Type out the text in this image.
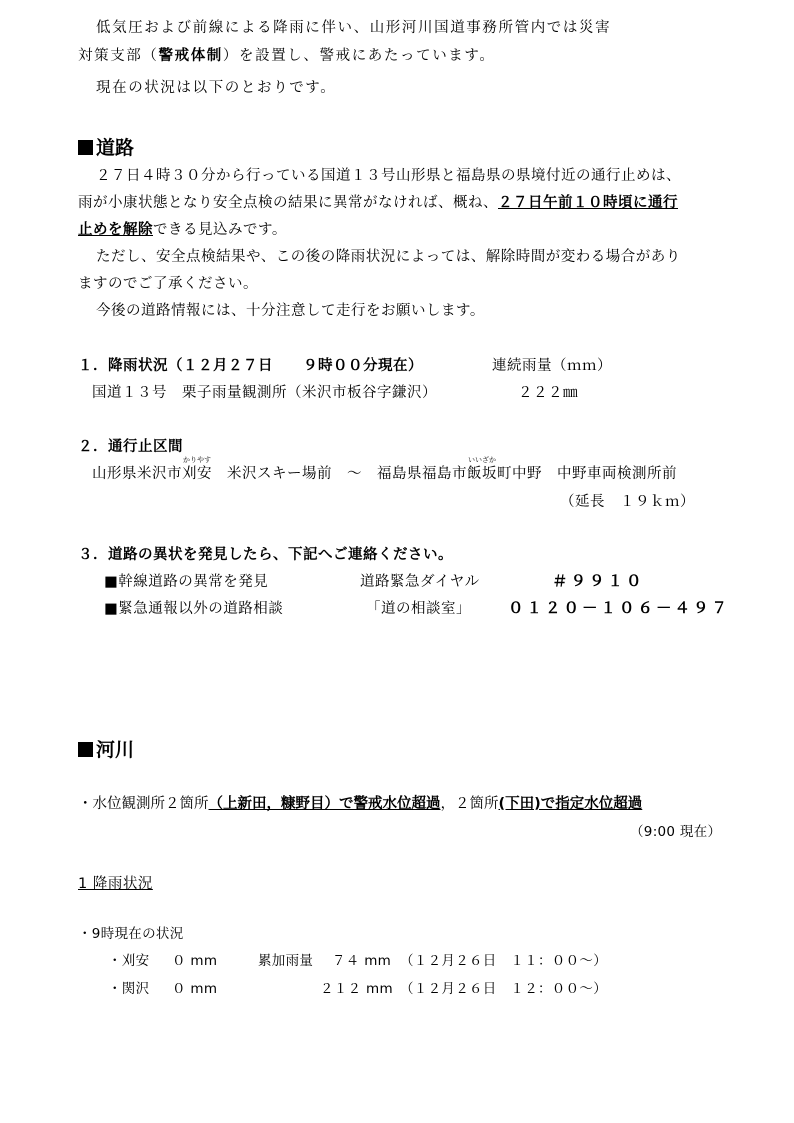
低気圧および前線による降雨に伴い、山形河川国道事務所管内では災害
対策支部（警戒体制）を設置し、警戒にあたっています。
現在の状況は以下のとおりです。
道路
２７日４時３０分から行っている国道１３号山形県と福島県の県境付近の通行止めは、
雨が小康状態となり安全点検の結果に異常がなければ、概ね、２７日午前１０時頃に通行
止めを解除できる見込みです。
ただし、安全点検結果や、この後の降雨状況によっては、解除時間が変わる場合があり
ますのでご了承ください。
今後の道路情報には、十分注意して走行をお願いします。
１．降雨状況（１２月２７日　　９時００分現在）	連続雨量（ｍｍ）
国道１３号　栗子雨量観測所（米沢市板谷字鎌沢）	２２２㎜
２．通行止区間
山形県米沢市刈安
かりやす
　米沢スキー場前　～　福島県福島市飯坂
いいざか
町中野　中野車両検測所前
（延長　１９ｋｍ）
３．道路の異状を発見したら、下記へご連絡ください。
■幹線道路の異常を発見	道路緊急ダイヤル	＃９９１０
■緊急通報以外の道路相談	「道の相談室」 ０１２０－１０６－４９７
河川
・水位観測所２箇所（上新田，糠野目）で警戒水位超過，２箇所(下田)で指定水位超過
（9:00 現在）
1 降雨状況
・9時現在の状況
・刈安 ０ mm	累加雨量 ７４ mm （１２月２６日　１１：００～）
・関沢 ０ mm	２１２ mm （１２月２６日　１２：００～）
